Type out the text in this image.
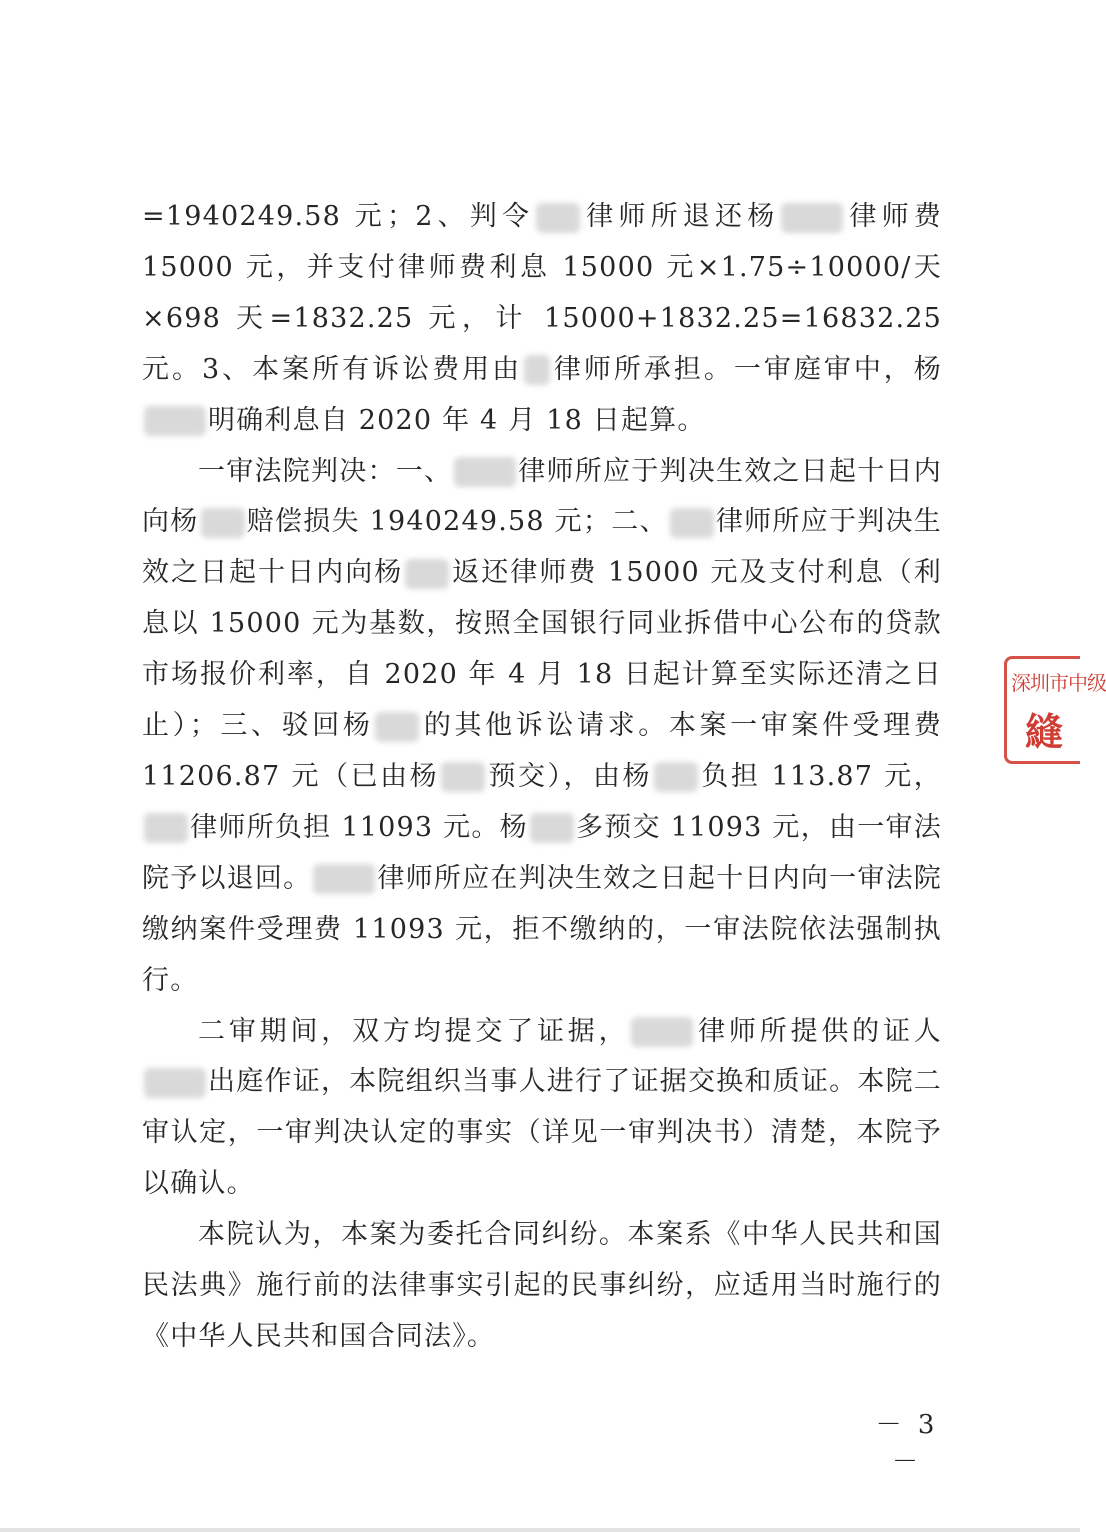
=1940249.58 元；2、判令 律师所退还杨 律师费 15000 元，并支付律师费利息 15000 元×1.75÷10000/天×698 天=1832.25 元，计 15000+1832.25=16832.25 元。3、本案所有诉讼费用由 律师所承担。一审庭审中，杨明确利息自 2020 年 4 月 18 日起算。

一审法院判决：一、 律师所应于判决生效之日起十日内向杨 赔偿损失 1940249.58 元；二、 律师所应于判决生效之日起十日内向杨 返还律师费 15000 元及支付利息（利息以 15000 元为基数，按照全国银行同业拆借中心公布的贷款市场报价利率，自 2020 年 4 月 18 日起计算至实际还清之日止）；三、驳回杨 的其他诉讼请求。本案一审案件受理费 11206.87 元（已由杨 预交），由杨 负担 113.87 元，律师所负担 11093 元。杨 多预交 11093 元，由一审法院予以退回。 律师所应在判决生效之日起十日内向一审法院缴纳案件受理费 11093 元，拒不缴纳的，一审法院依法强制执行。

二审期间，双方均提交了证据， 律师所提供的证人出庭作证，本院组织当事人进行了证据交换和质证。本院二审认定，一审判决认定的事实（详见一审判决书）清楚，本院予以确认。

本院认为，本案为委托合同纠纷。本案系《中华人民共和国民法典》施行前的法律事实引起的民事纠纷，应适用当时施行的《中华人民共和国合同法》。

深圳市中级
縫
－ 3 －
